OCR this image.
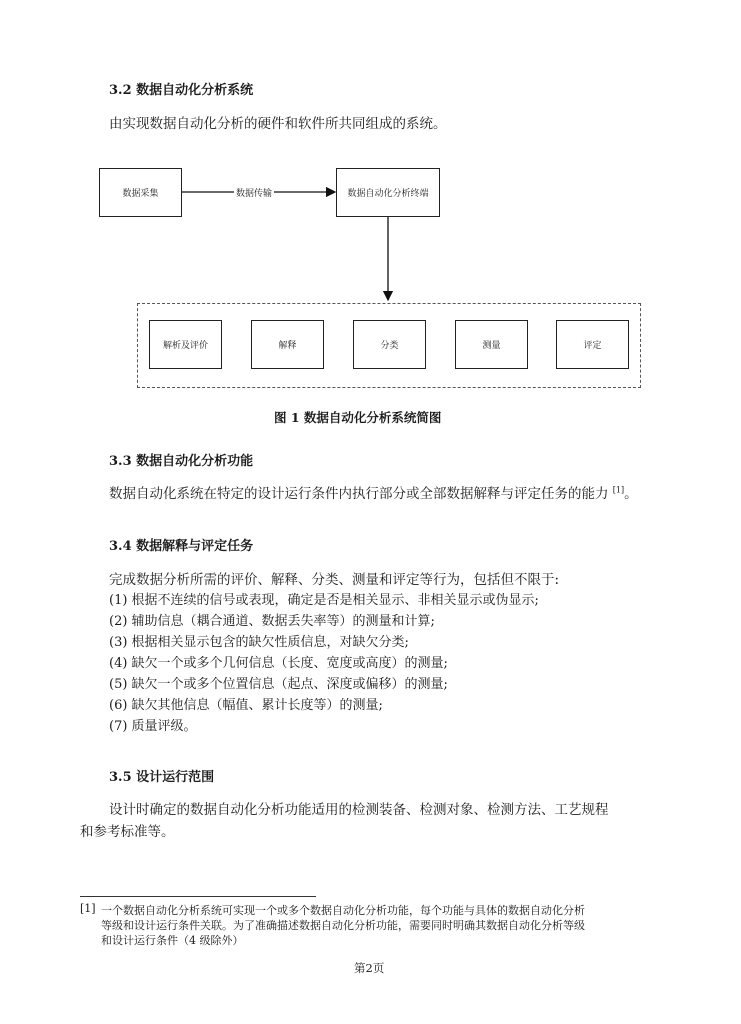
3.2 数据自动化分析系统

由实现数据自动化分析的硬件和软件所共同组成的系统。

数据采集	数据传输	数据自动化分析终端
解析及评价	解释	分类	测量	评定

图 1 数据自动化分析系统简图

3.3 数据自动化分析功能

数据自动化系统在特定的设计运行条件内执行部分或全部数据解释与评定任务的能力 [1]。

3.4 数据解释与评定任务

完成数据分析所需的评价、解释、分类、测量和评定等行为，包括但不限于:

(1) 根据不连续的信号或表现，确定是否是相关显示、非相关显示或伪显示;

(2) 辅助信息（耦合通道、数据丢失率等）的测量和计算;

(3) 根据相关显示包含的缺欠性质信息，对缺欠分类;

(4) 缺欠一个或多个几何信息（长度、宽度或高度）的测量;

(5) 缺欠一个或多个位置信息（起点、深度或偏移）的测量;

(6) 缺欠其他信息（幅值、累计长度等）的测量;

(7) 质量评级。

3.5 设计运行范围

设计时确定的数据自动化分析功能适用的检测装备、检测对象、检测方法、工艺规程

和参考标准等。

[1] 一个数据自动化分析系统可实现一个或多个数据自动化分析功能，每个功能与具体的数据自动化分析

等级和设计运行条件关联。为了准确描述数据自动化分析功能，需要同时明确其数据自动化分析等级

和设计运行条件（4 级除外）

第2页
